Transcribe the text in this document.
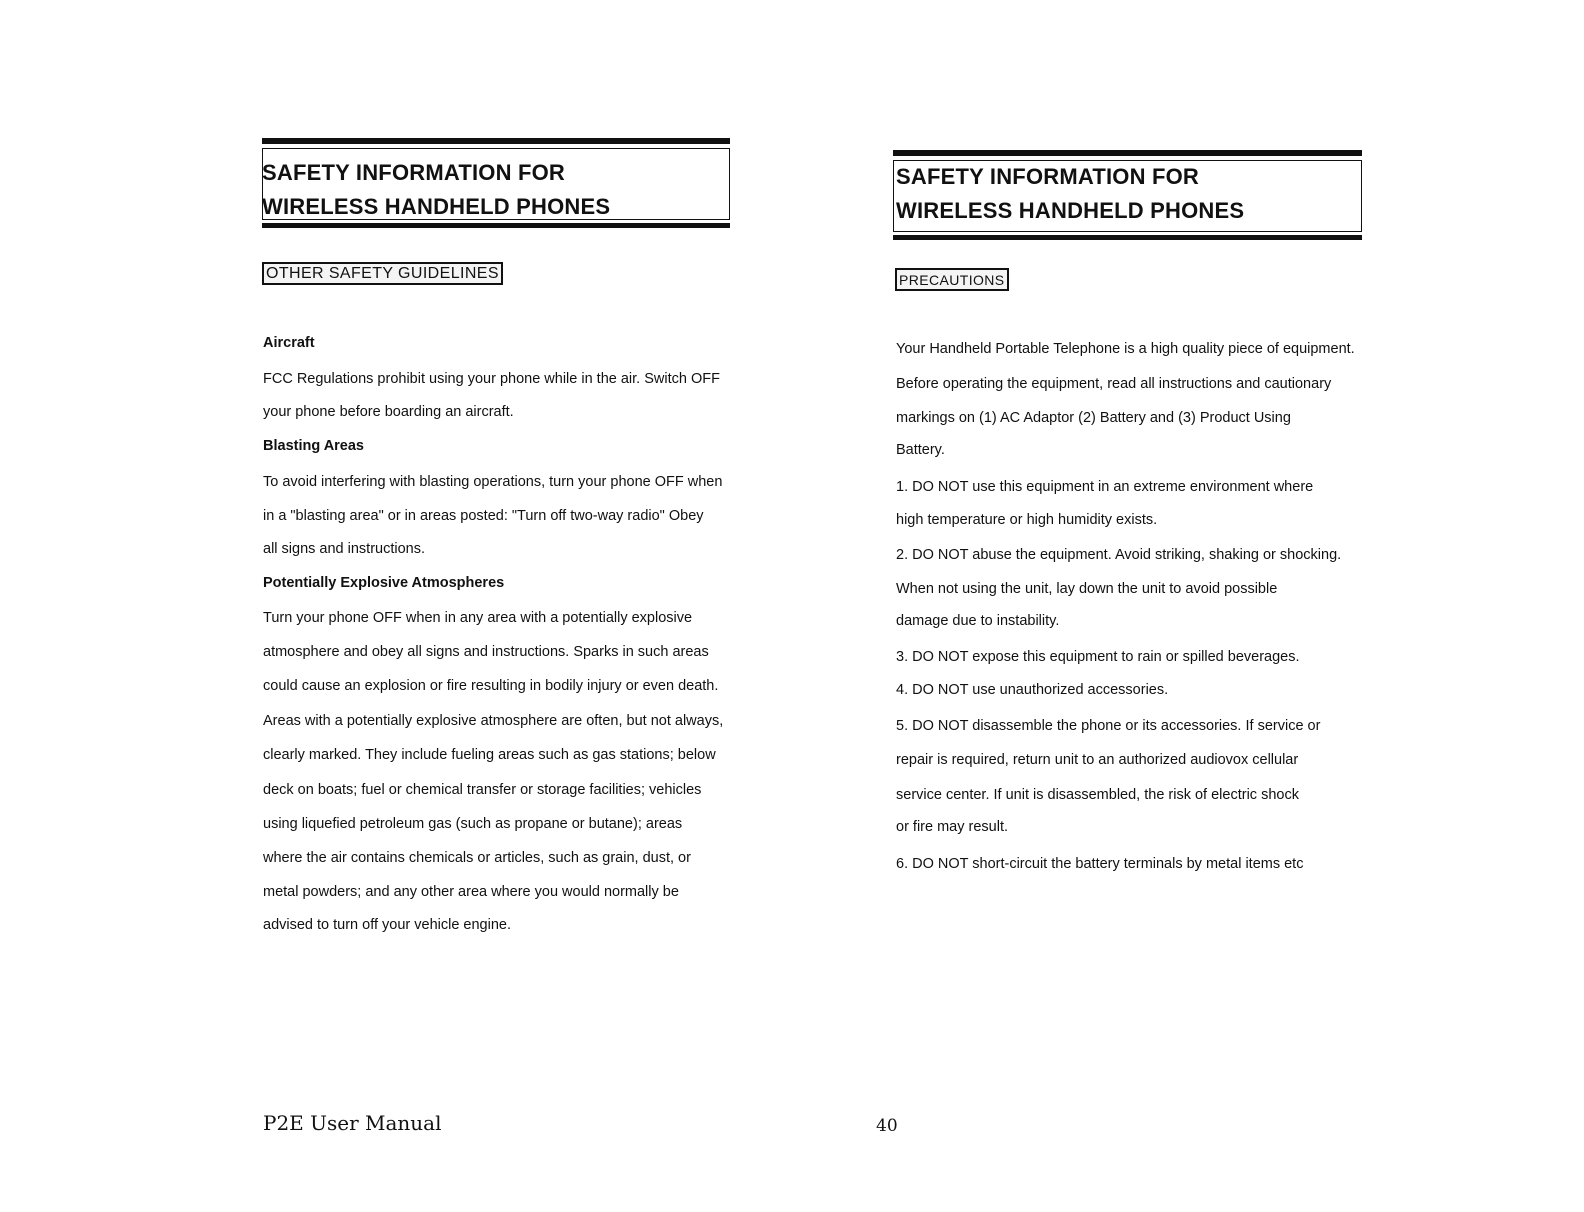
SAFETY INFORMATION FOR
WIRELESS HANDHELD PHONES
OTHER SAFETY GUIDELINES
Aircraft
FCC Regulations prohibit using your phone while in the air. Switch OFF
your phone before boarding an aircraft.
Blasting Areas
To avoid interfering with blasting operations, turn your phone OFF when
in a "blasting area" or in areas posted: "Turn off two-way radio" Obey
all signs and instructions.
Potentially Explosive Atmospheres
Turn your phone OFF when in any area with a potentially explosive
atmosphere and obey all signs and instructions. Sparks in such areas
could cause an explosion or fire resulting in bodily injury or even death.
Areas with a potentially explosive atmosphere are often, but not always,
clearly marked. They include fueling areas such as gas stations; below
deck on boats; fuel or chemical transfer or storage facilities; vehicles
using liquefied petroleum gas (such as propane or butane); areas
where the air contains chemicals or articles, such as grain, dust, or
metal powders; and any other area where you would normally be
advised to turn off your vehicle engine.
SAFETY INFORMATION FOR
WIRELESS HANDHELD PHONES
PRECAUTIONS
Your Handheld Portable Telephone is a high quality piece of equipment.
Before operating the equipment, read all instructions and cautionary
markings on (1) AC Adaptor (2) Battery and (3) Product Using
Battery.
1. DO NOT use this equipment in an extreme environment where
high temperature or high humidity exists.
2. DO NOT abuse the equipment. Avoid striking, shaking or shocking.
When not using the unit, lay down the unit to avoid possible
damage due to instability.
3. DO NOT expose this equipment to rain or spilled beverages.
4. DO NOT use unauthorized accessories.
5. DO NOT disassemble the phone or its accessories. If service or
repair is required, return unit to an authorized audiovox cellular
service center. If unit is disassembled, the risk of electric shock
or fire may result.
6. DO NOT short-circuit the battery terminals by metal items etc
P2E User Manual	40
